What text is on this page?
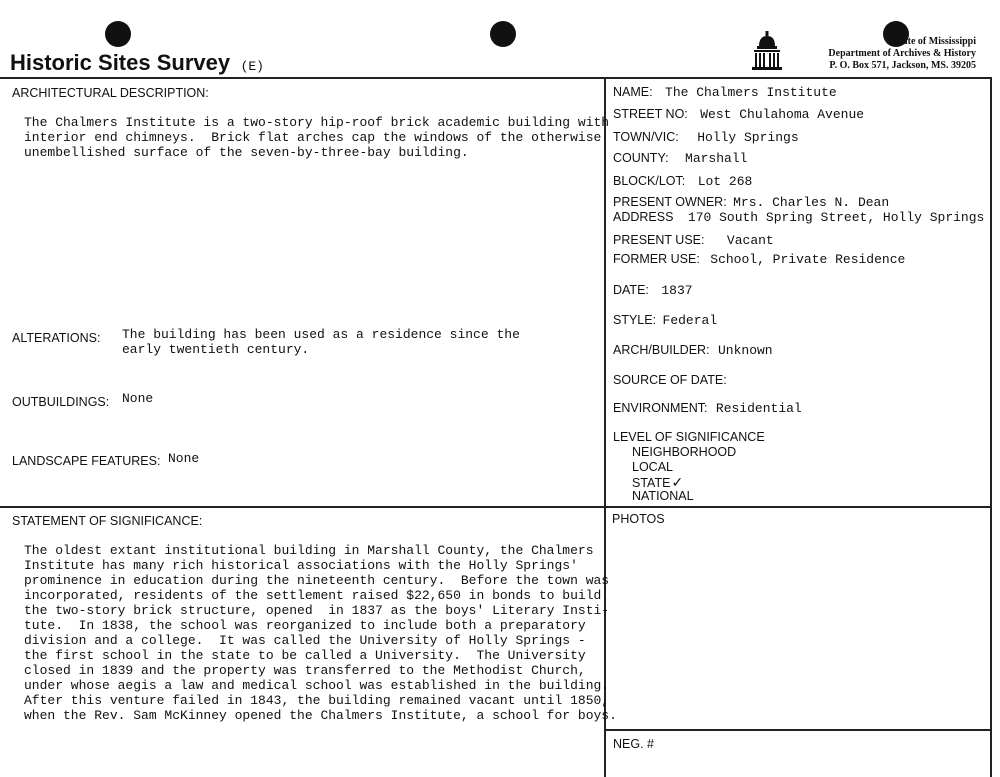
Historic Sites Survey (E)
State of Mississippi
Department of Archives & History
P. O. Box 571, Jackson, MS. 39205
ARCHITECTURAL DESCRIPTION:
The Chalmers Institute is a two-story hip-roof brick academic building with
interior end chimneys.  Brick flat arches cap the windows of the otherwise
unembellished surface of the seven-by-three-bay building.
ALTERATIONS: The building has been used as a residence since the
early twentieth century.
OUTBUILDINGS: None
LANDSCAPE FEATURES: None
NAME: The Chalmers Institute
STREET NO: West Chulahoma Avenue
TOWN/VIC: Holly Springs
COUNTY: Marshall
BLOCK/LOT: Lot 268
PRESENT OWNER: Mrs. Charles N. Dean
ADDRESS 170 South Spring Street, Holly Springs
PRESENT USE: Vacant
FORMER USE: School, Private Residence
DATE: 1837
STYLE: Federal
ARCH/BUILDER: Unknown
SOURCE OF DATE:
ENVIRONMENT: Residential
LEVEL OF SIGNIFICANCE
NEIGHBORHOOD
LOCAL
STATE✓
NATIONAL
STATEMENT OF SIGNIFICANCE:
The oldest extant institutional building in Marshall County, the Chalmers
Institute has many rich historical associations with the Holly Springs'
prominence in education during the nineteenth century.  Before the town was
incorporated, residents of the settlement raised $22,650 in bonds to build
the two-story brick structure, opened  in 1837 as the boys' Literary Insti-
tute.  In 1838, the school was reorganized to include both a preparatory
division and a college.  It was called the University of Holly Springs -
the first school in the state to be called a University.  The University
closed in 1839 and the property was transferred to the Methodist Church,
under whose aegis a law and medical school was established in the building.
After this venture failed in 1843, the building remained vacant until 1850,
when the Rev. Sam McKinney opened the Chalmers Institute, a school for boys.
PHOTOS
NEG. #
